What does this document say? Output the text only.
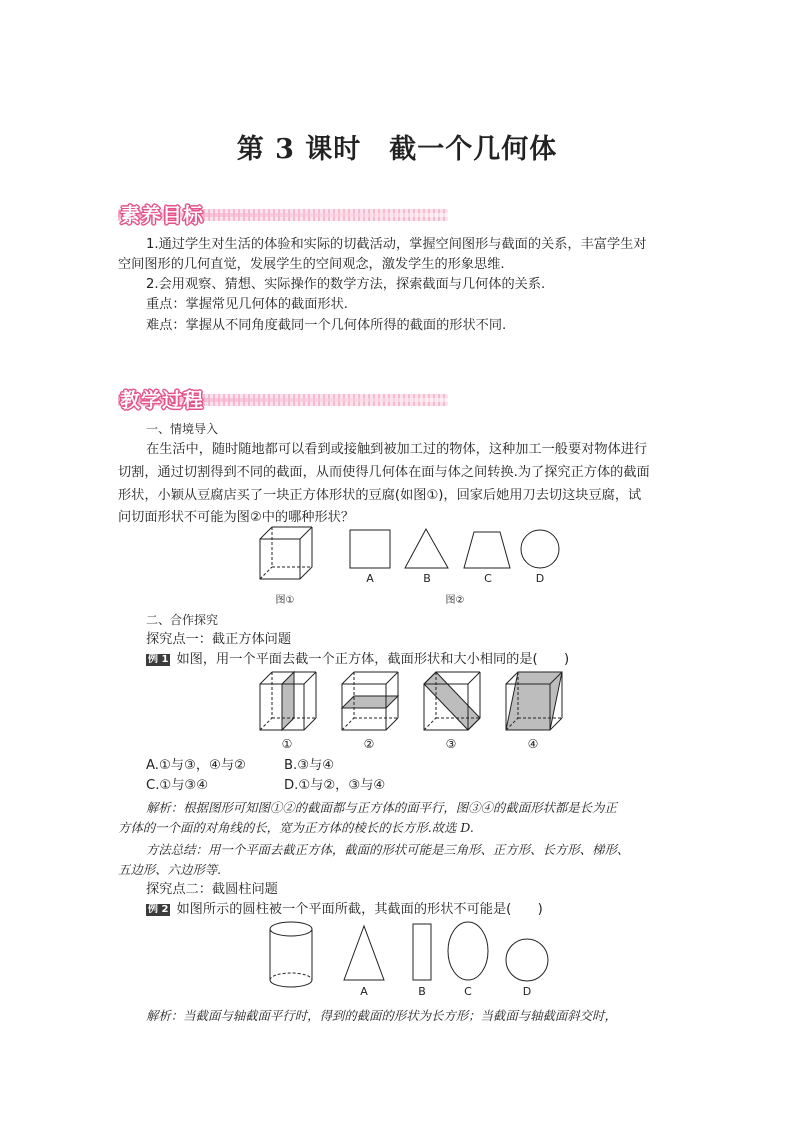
第 3 课时 截一个几何体
素养目标
1.通过学生对生活的体验和实际的切截活动，掌握空间图形与截面的关系，丰富学生对
空间图形的几何直觉，发展学生的空间观念，激发学生的形象思维.
2.会用观察、猜想、实际操作的数学方法，探索截面与几何体的关系.
重点：掌握常见几何体的截面形状.
难点：掌握从不同角度截同一个几何体所得的截面的形状不同.
教学过程
一、情境导入
在生活中，随时随地都可以看到或接触到被加工过的物体，这种加工一般要对物体进行
切割，通过切割得到不同的截面，从而使得几何体在面与体之间转换.为了探究正方体的截面
形状，小颖从豆腐店买了一块正方体形状的豆腐(如图①)，回家后她用刀去切这块豆腐，试
问切面形状不可能为图②中的哪种形状？
A	B	C	D
图①	图②
二、合作探究
探究点一：截正方体问题
例 1 如图，用一个平面去截一个正方体，截面形状和大小相同的是(　　)
①	②	③	④
A.①与③，④与②	B.③与④
C.①与③④	D.①与②，③与④
解析：根据图形可知图①②的截面都与正方体的面平行，图③④的截面形状都是长为正
方体的一个面的对角线的长，宽为正方体的棱长的长方形.故选 D.
方法总结：用一个平面去截正方体，截面的形状可能是三角形、正方形、长方形、梯形、
五边形、六边形等.
探究点二：截圆柱问题
例 2 如图所示的圆柱被一个平面所截，其截面的形状不可能是(　　)
A	B	C	D
解析：当截面与轴截面平行时，得到的截面的形状为长方形；当截面与轴截面斜交时，
